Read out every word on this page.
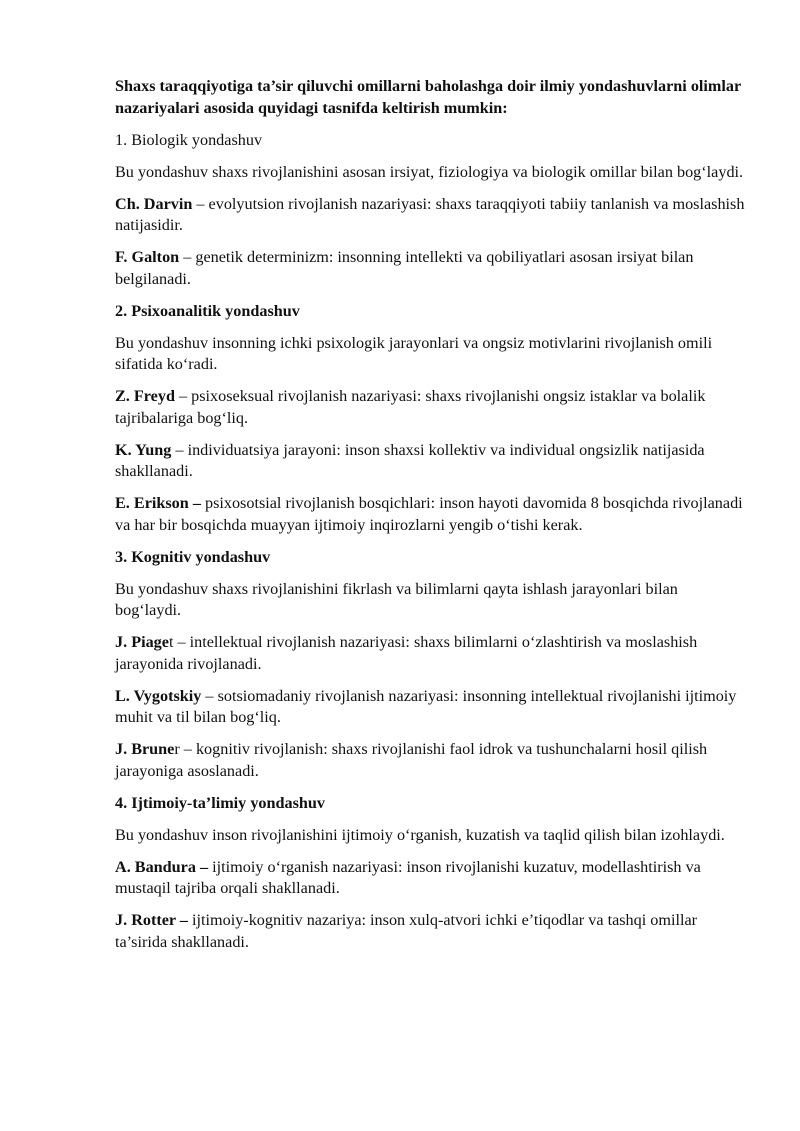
Shaxs taraqqiyotiga ta’sir qiluvchi omillarni baholashga doir ilmiy yondashuvlarni olimlar nazariyalari asosida quyidagi tasnifda keltirish mumkin:

1. Biologik yondashuv

Bu yondashuv shaxs rivojlanishini asosan irsiyat, fiziologiya va biologik omillar bilan bog‘laydi.

Ch. Darvin – evolyutsion rivojlanish nazariyasi: shaxs taraqqiyoti tabiiy tanlanish va moslashish natijasidir.

F. Galton – genetik determinizm: insonning intellekti va qobiliyatlari asosan irsiyat bilan belgilanadi.

2. Psixoanalitik yondashuv

Bu yondashuv insonning ichki psixologik jarayonlari va ongsiz motivlarini rivojlanish omili sifatida ko‘radi.

Z. Freyd – psixoseksual rivojlanish nazariyasi: shaxs rivojlanishi ongsiz istaklar va bolalik tajribalariga bog‘liq.

K. Yung – individuatsiya jarayoni: inson shaxsi kollektiv va individual ongsizlik natijasida shakllanadi.

E. Erikson – psixosotsial rivojlanish bosqichlari: inson hayoti davomida 8 bosqichda rivojlanadi va har bir bosqichda muayyan ijtimoiy inqirozlarni yengib o‘tishi kerak.

3. Kognitiv yondashuv

Bu yondashuv shaxs rivojlanishini fikrlash va bilimlarni qayta ishlash jarayonlari bilan bog‘laydi.

J. Piaget – intellektual rivojlanish nazariyasi: shaxs bilimlarni o‘zlashtirish va moslashish jarayonida rivojlanadi.

L. Vygotskiy – sotsiomadaniy rivojlanish nazariyasi: insonning intellektual rivojlanishi ijtimoiy muhit va til bilan bog‘liq.

J. Bruner – kognitiv rivojlanish: shaxs rivojlanishi faol idrok va tushunchalarni hosil qilish jarayoniga asoslanadi.

4. Ijtimoiy-ta’limiy yondashuv

Bu yondashuv inson rivojlanishini ijtimoiy o‘rganish, kuzatish va taqlid qilish bilan izohlaydi.

A. Bandura – ijtimoiy o‘rganish nazariyasi: inson rivojlanishi kuzatuv, modellashtirish va mustaqil tajriba orqali shakllanadi.

J. Rotter – ijtimoiy-kognitiv nazariya: inson xulq-atvori ichki e’tiqodlar va tashqi omillar ta’sirida shakllanadi.
